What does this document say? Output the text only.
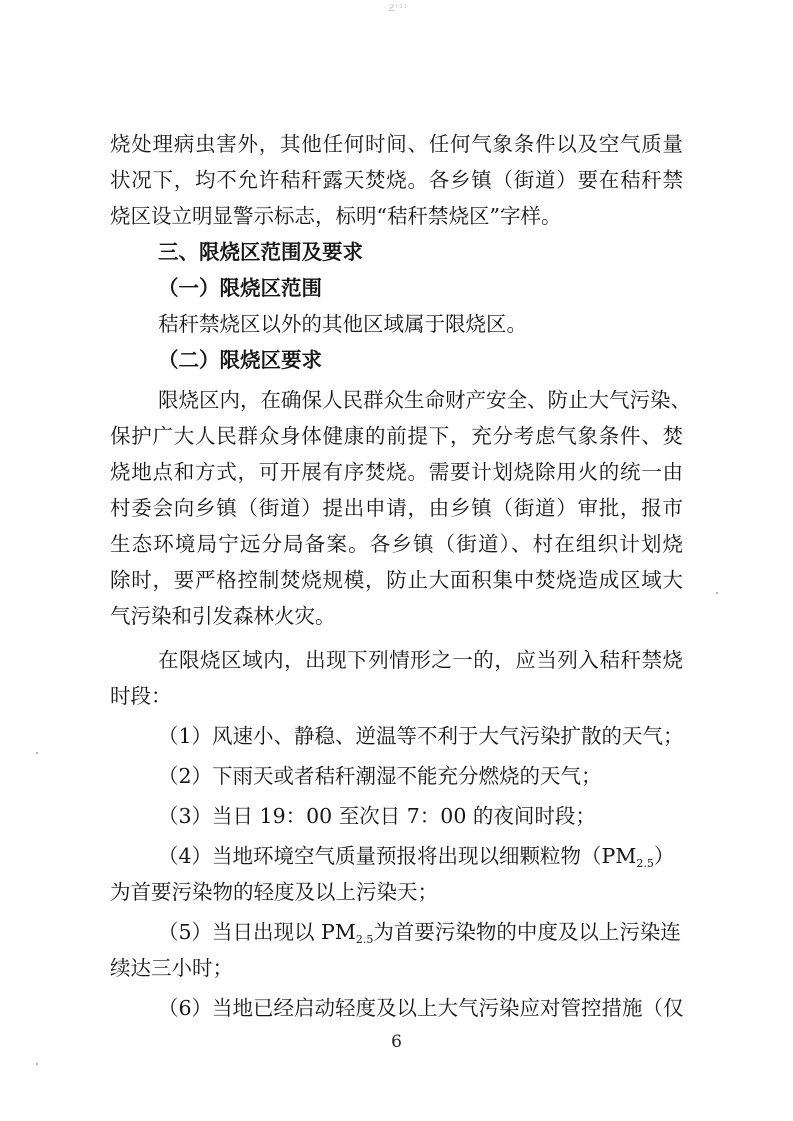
·Ƶᵗ¹¹
烧处理病虫害外，其他任何时间、任何气象条件以及空气质量
状况下，均不允许秸秆露天焚烧。各乡镇（街道）要在秸秆禁
烧区设立明显警示标志，标明“秸秆禁烧区”字样。
三、限烧区范围及要求
（一）限烧区范围
秸秆禁烧区以外的其他区域属于限烧区。
（二）限烧区要求
限烧区内，在确保人民群众生命财产安全、防止大气污染、
保护广大人民群众身体健康的前提下，充分考虑气象条件、焚
烧地点和方式，可开展有序焚烧。需要计划烧除用火的统一由
村委会向乡镇（街道）提出申请，由乡镇（街道）审批，报市
生态环境局宁远分局备案。各乡镇（街道）、村在组织计划烧
除时，要严格控制焚烧规模，防止大面积集中焚烧造成区域大
气污染和引发森林火灾。
在限烧区域内，出现下列情形之一的，应当列入秸秆禁烧
时段：
（1）风速小、静稳、逆温等不利于大气污染扩散的天气；
（2）下雨天或者秸秆潮湿不能充分燃烧的天气；
（3）当日 19：00 至次日 7：00 的夜间时段；
（4）当地环境空气质量预报将出现以细颗粒物$(PM_{2.5})$
为首要污染物的轻度及以上污染天；
（5）当日出现以 $PM_{2.5}$为首要污染物的中度及以上污染连
续达三小时；
（6）当地已经启动轻度及以上大气污染应对管控措施（仅
6
